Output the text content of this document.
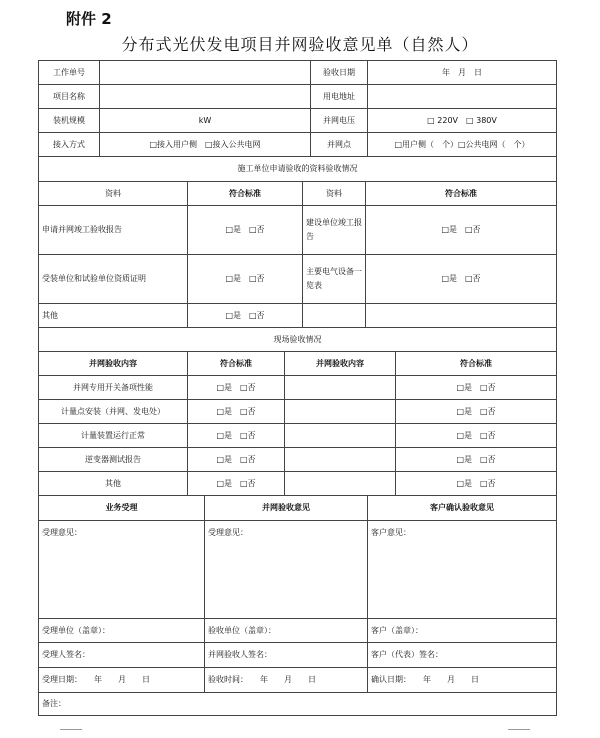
附件 2
分布式光伏发电项目并网验收意见单（自然人）
工作单号		验收日期	年　月　日
项目名称		用电地址	
装机规模	kW	并网电压	□ 220V　□ 380V
接入方式	□接入用户侧　□接入公共电网	并网点	□用户侧（　个）□公共电网（　个）
施工单位申请验收的资料验收情况			
资料	符合标准	资料	符合标准
申请并网竣工验收报告	□是　□否	建设单位竣工报告	□是　□否
受装单位和试验单位资质证明	□是　□否	主要电气设备一览表	□是　□否
其他	□是　□否		
现场验收情况			
并网验收内容	符合标准	并网验收内容	符合标准
并网专用开关备项性能	□是　□否		□是　□否
计量点安装（并网、发电处）	□是　□否		□是　□否
计量装置运行正常	□是　□否		□是　□否
逆变器测试报告	□是　□否		□是　□否
其他	□是　□否		□是　□否
业务受理	并网验收意见	客户确认验收意见
受理意见：	受理意见：	客户意见：
受理单位（盖章）：	验收单位（盖章）：	客户（盖章）：
受理人签名：	并网验收人签名：	客户（代表）签名：
受理日期：　　年　　月　　日	验收时间：　　年　　月　　日	确认日期：　　年　　月　　日
备注：		
